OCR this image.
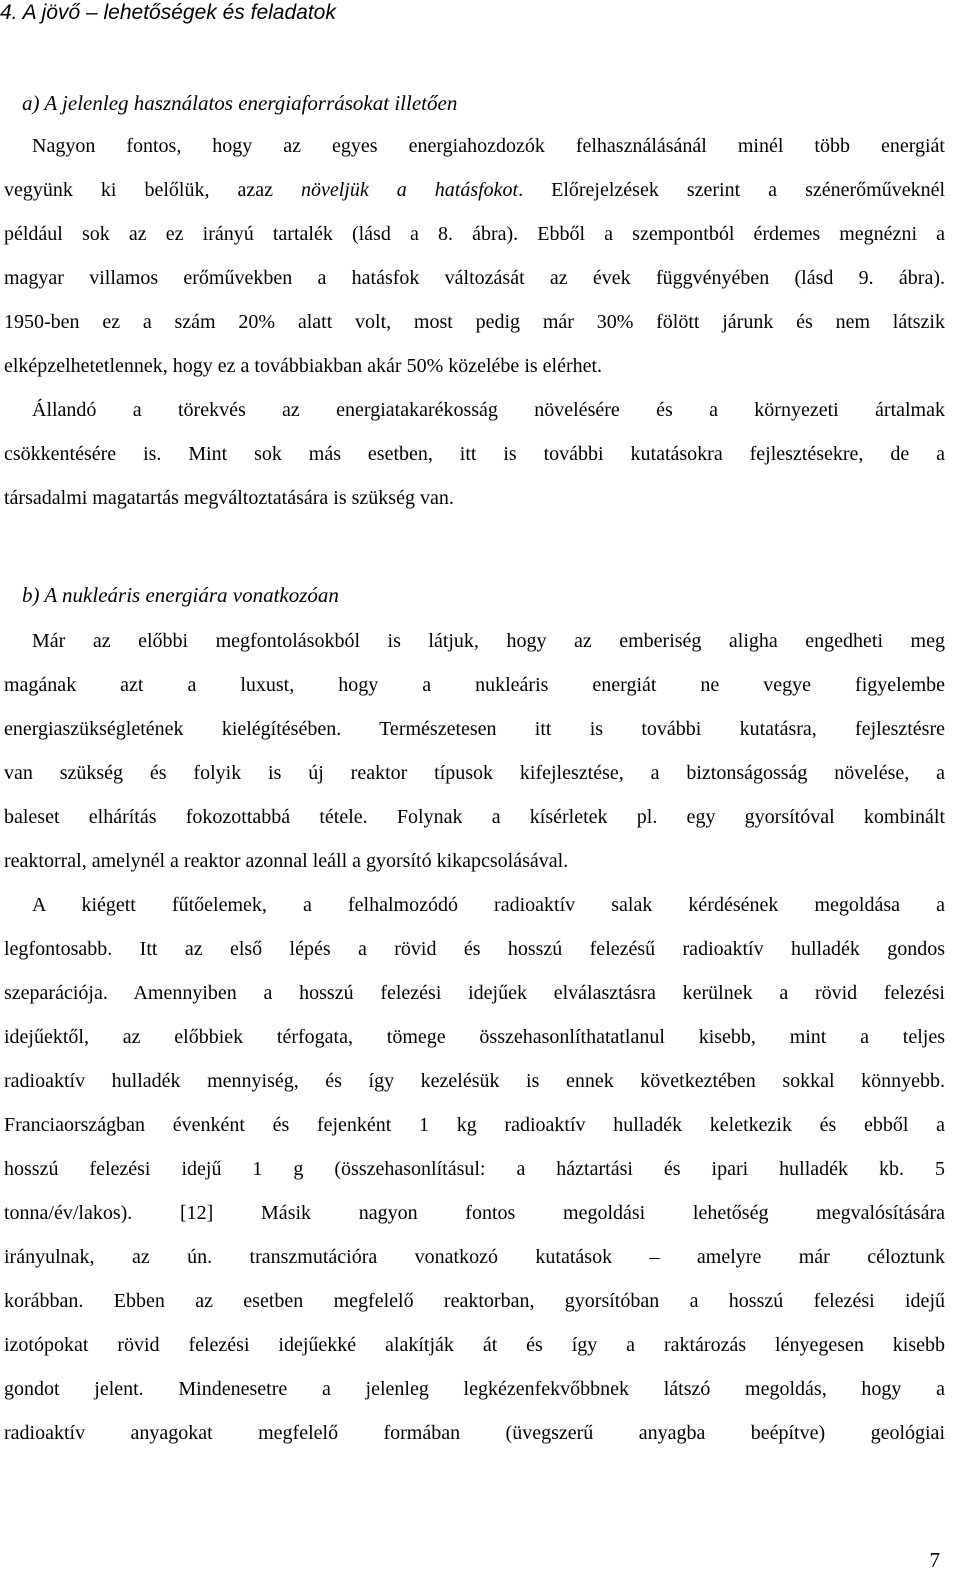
4. A jövő – lehetőségek és feladatok
a) A jelenleg használatos energiaforrásokat illetően
Nagyon fontos, hogy az egyes energiahozdozók felhasználásánál minél több energiát
vegyünk ki belőlük, azaz növeljük a hatásfokot. Előrejelzések szerint a szénerőműveknél
például sok az ez irányú tartalék (lásd a 8. ábra). Ebből a szempontból érdemes megnézni a
magyar villamos erőművekben a hatásfok változását az évek függvényében (lásd 9. ábra).
1950-ben ez a szám 20% alatt volt, most pedig már 30% fölött járunk és nem látszik
elképzelhetetlennek, hogy ez a továbbiakban akár 50% közelébe is elérhet.
Állandó a törekvés az energiatakarékosság növelésére és a környezeti ártalmak
csökkentésére is. Mint sok más esetben, itt is további kutatásokra fejlesztésekre, de a
társadalmi magatartás megváltoztatására is szükség van.
b) A nukleáris energiára vonatkozóan
Már az előbbi megfontolásokból is látjuk, hogy az emberiség aligha engedheti meg
magának azt a luxust, hogy a nukleáris energiát ne vegye figyelembe
energiaszükségletének kielégítésében. Természetesen itt is további kutatásra, fejlesztésre
van szükség és folyik is új reaktor típusok kifejlesztése, a biztonságosság növelése, a
baleset elhárítás fokozottabbá tétele. Folynak a kísérletek pl. egy gyorsítóval kombinált
reaktorral, amelynél a reaktor azonnal leáll a gyorsító kikapcsolásával.
A kiégett fűtőelemek, a felhalmozódó radioaktív salak kérdésének megoldása a
legfontosabb. Itt az első lépés a rövid és hosszú felezésű radioaktív hulladék gondos
szeparációja. Amennyiben a hosszú felezési idejűek elválasztásra kerülnek a rövid felezési
idejűektől, az előbbiek térfogata, tömege összehasonlíthatatlanul kisebb, mint a teljes
radioaktív hulladék mennyiség, és így kezelésük is ennek következtében sokkal könnyebb.
Franciaországban évenként és fejenként 1 kg radioaktív hulladék keletkezik és ebből a
hosszú felezési idejű 1 g (összehasonlításul: a háztartási és ipari hulladék kb. 5
tonna/év/lakos). [12] Másik nagyon fontos megoldási lehetőség megvalósítására
irányulnak, az ún. transzmutációra vonatkozó kutatások – amelyre már céloztunk
korábban. Ebben az esetben megfelelő reaktorban, gyorsítóban a hosszú felezési idejű
izotópokat rövid felezési idejűekké alakítják át és így a raktározás lényegesen kisebb
gondot jelent. Mindenesetre a jelenleg legkézenfekvőbbnek látszó megoldás, hogy a
radioaktív anyagokat megfelelő formában (üvegszerű anyagba beépítve) geológiai
7
